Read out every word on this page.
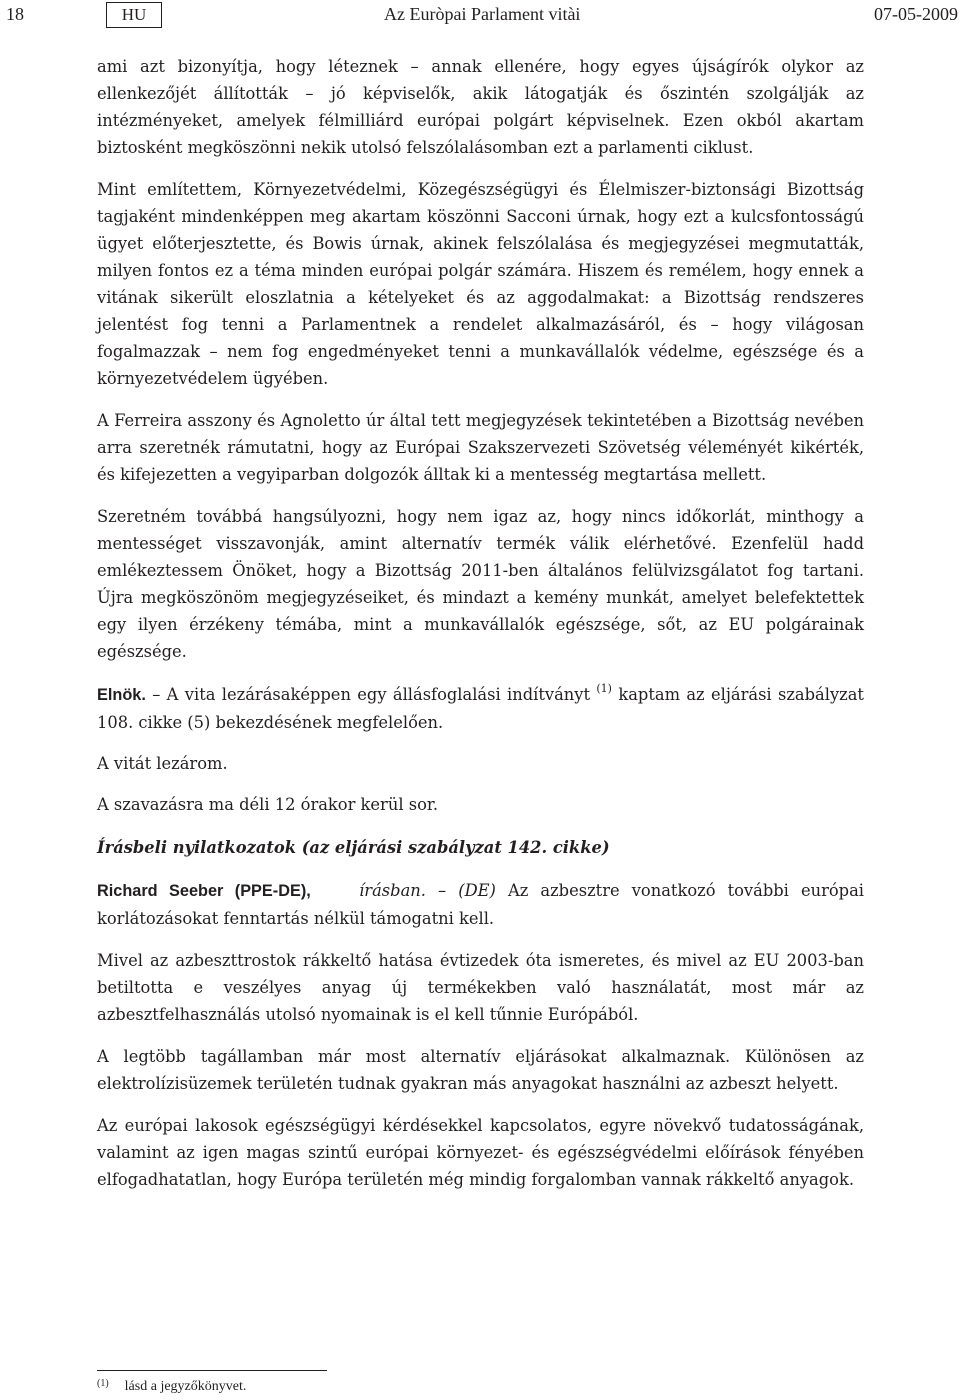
18	HU	Az Euròpai Parlament vitài	07-05-2009

ami azt bizonyítja, hogy léteznek – annak ellenére, hogy egyes újságírók olykor az ellenkezőjét állították – jó képviselők, akik látogatják és őszintén szolgálják az intézményeket, amelyek félmilliárd európai polgárt képviselnek. Ezen okból akartam biztosként megköszönni nekik utolsó felszólalásomban ezt a parlamenti ciklust.

Mint említettem, Környezetvédelmi, Közegészségügyi és Élelmiszer-biztonsági Bizottság tagjaként mindenképpen meg akartam köszönni Sacconi úrnak, hogy ezt a kulcsfontosságú ügyet előterjesztette, és Bowis úrnak, akinek felszólalása és megjegyzései megmutatták, milyen fontos ez a téma minden európai polgár számára. Hiszem és remélem, hogy ennek a vitának sikerült eloszlatnia a kételyeket és az aggodalmakat: a Bizottság rendszeres jelentést fog tenni a Parlamentnek a rendelet alkalmazásáról, és – hogy világosan fogalmazzak – nem fog engedményeket tenni a munkavállalók védelme, egészsége és a környezetvédelem ügyében.

A Ferreira asszony és Agnoletto úr által tett megjegyzések tekintetében a Bizottság nevében arra szeretnék rámutatni, hogy az Európai Szakszervezeti Szövetség véleményét kikérték, és kifejezetten a vegyiparban dolgozók álltak ki a mentesség megtartása mellett.

Szeretném továbbá hangsúlyozni, hogy nem igaz az, hogy nincs időkorlát, minthogy a mentességet visszavonják, amint alternatív termék válik elérhetővé. Ezenfelül hadd emlékeztessem Önöket, hogy a Bizottság 2011-ben általános felülvizsgálatot fog tartani. Újra megköszönöm megjegyzéseiket, és mindazt a kemény munkát, amelyet belefektettek egy ilyen érzékeny témába, mint a munkavállalók egészsége, sőt, az EU polgárainak egészsége.

Elnök. – A vita lezárásaképpen egy állásfoglalási indítványt $^{(1)}$ kaptam az eljárási szabályzat 108. cikke (5) bekezdésének megfelelően.

A vitát lezárom.

A szavazásra ma déli 12 órakor kerül sor.

Írásbeli nyilatkozatok (az eljárási szabályzat 142. cikke)

Richard Seeber (PPE-DE),	írásban. – (DE) Az azbesztre vonatkozó további európai korlátozásokat fenntartás nélkül támogatni kell.

Mivel az azbeszttrostok rákkeltő hatása évtizedek óta ismeretes, és mivel az EU 2003-ban betiltotta e veszélyes anyag új termékekben való használatát, most már az azbesztfelhasználás utolsó nyomainak is el kell tűnnie Európából.

A legtöbb tagállamban már most alternatív eljárásokat alkalmaznak. Különösen az elektrolízisüzemek területén tudnak gyakran más anyagokat használni az azbeszt helyett.

Az európai lakosok egészségügyi kérdésekkel kapcsolatos, egyre növekvő tudatosságának, valamint az igen magas szintű európai környezet- és egészségvédelmi előírások fényében elfogadhatatlan, hogy Európa területén még mindig forgalomban vannak rákkeltő anyagok.

$^{(1)}$ lásd a jegyzőkönyvet.
